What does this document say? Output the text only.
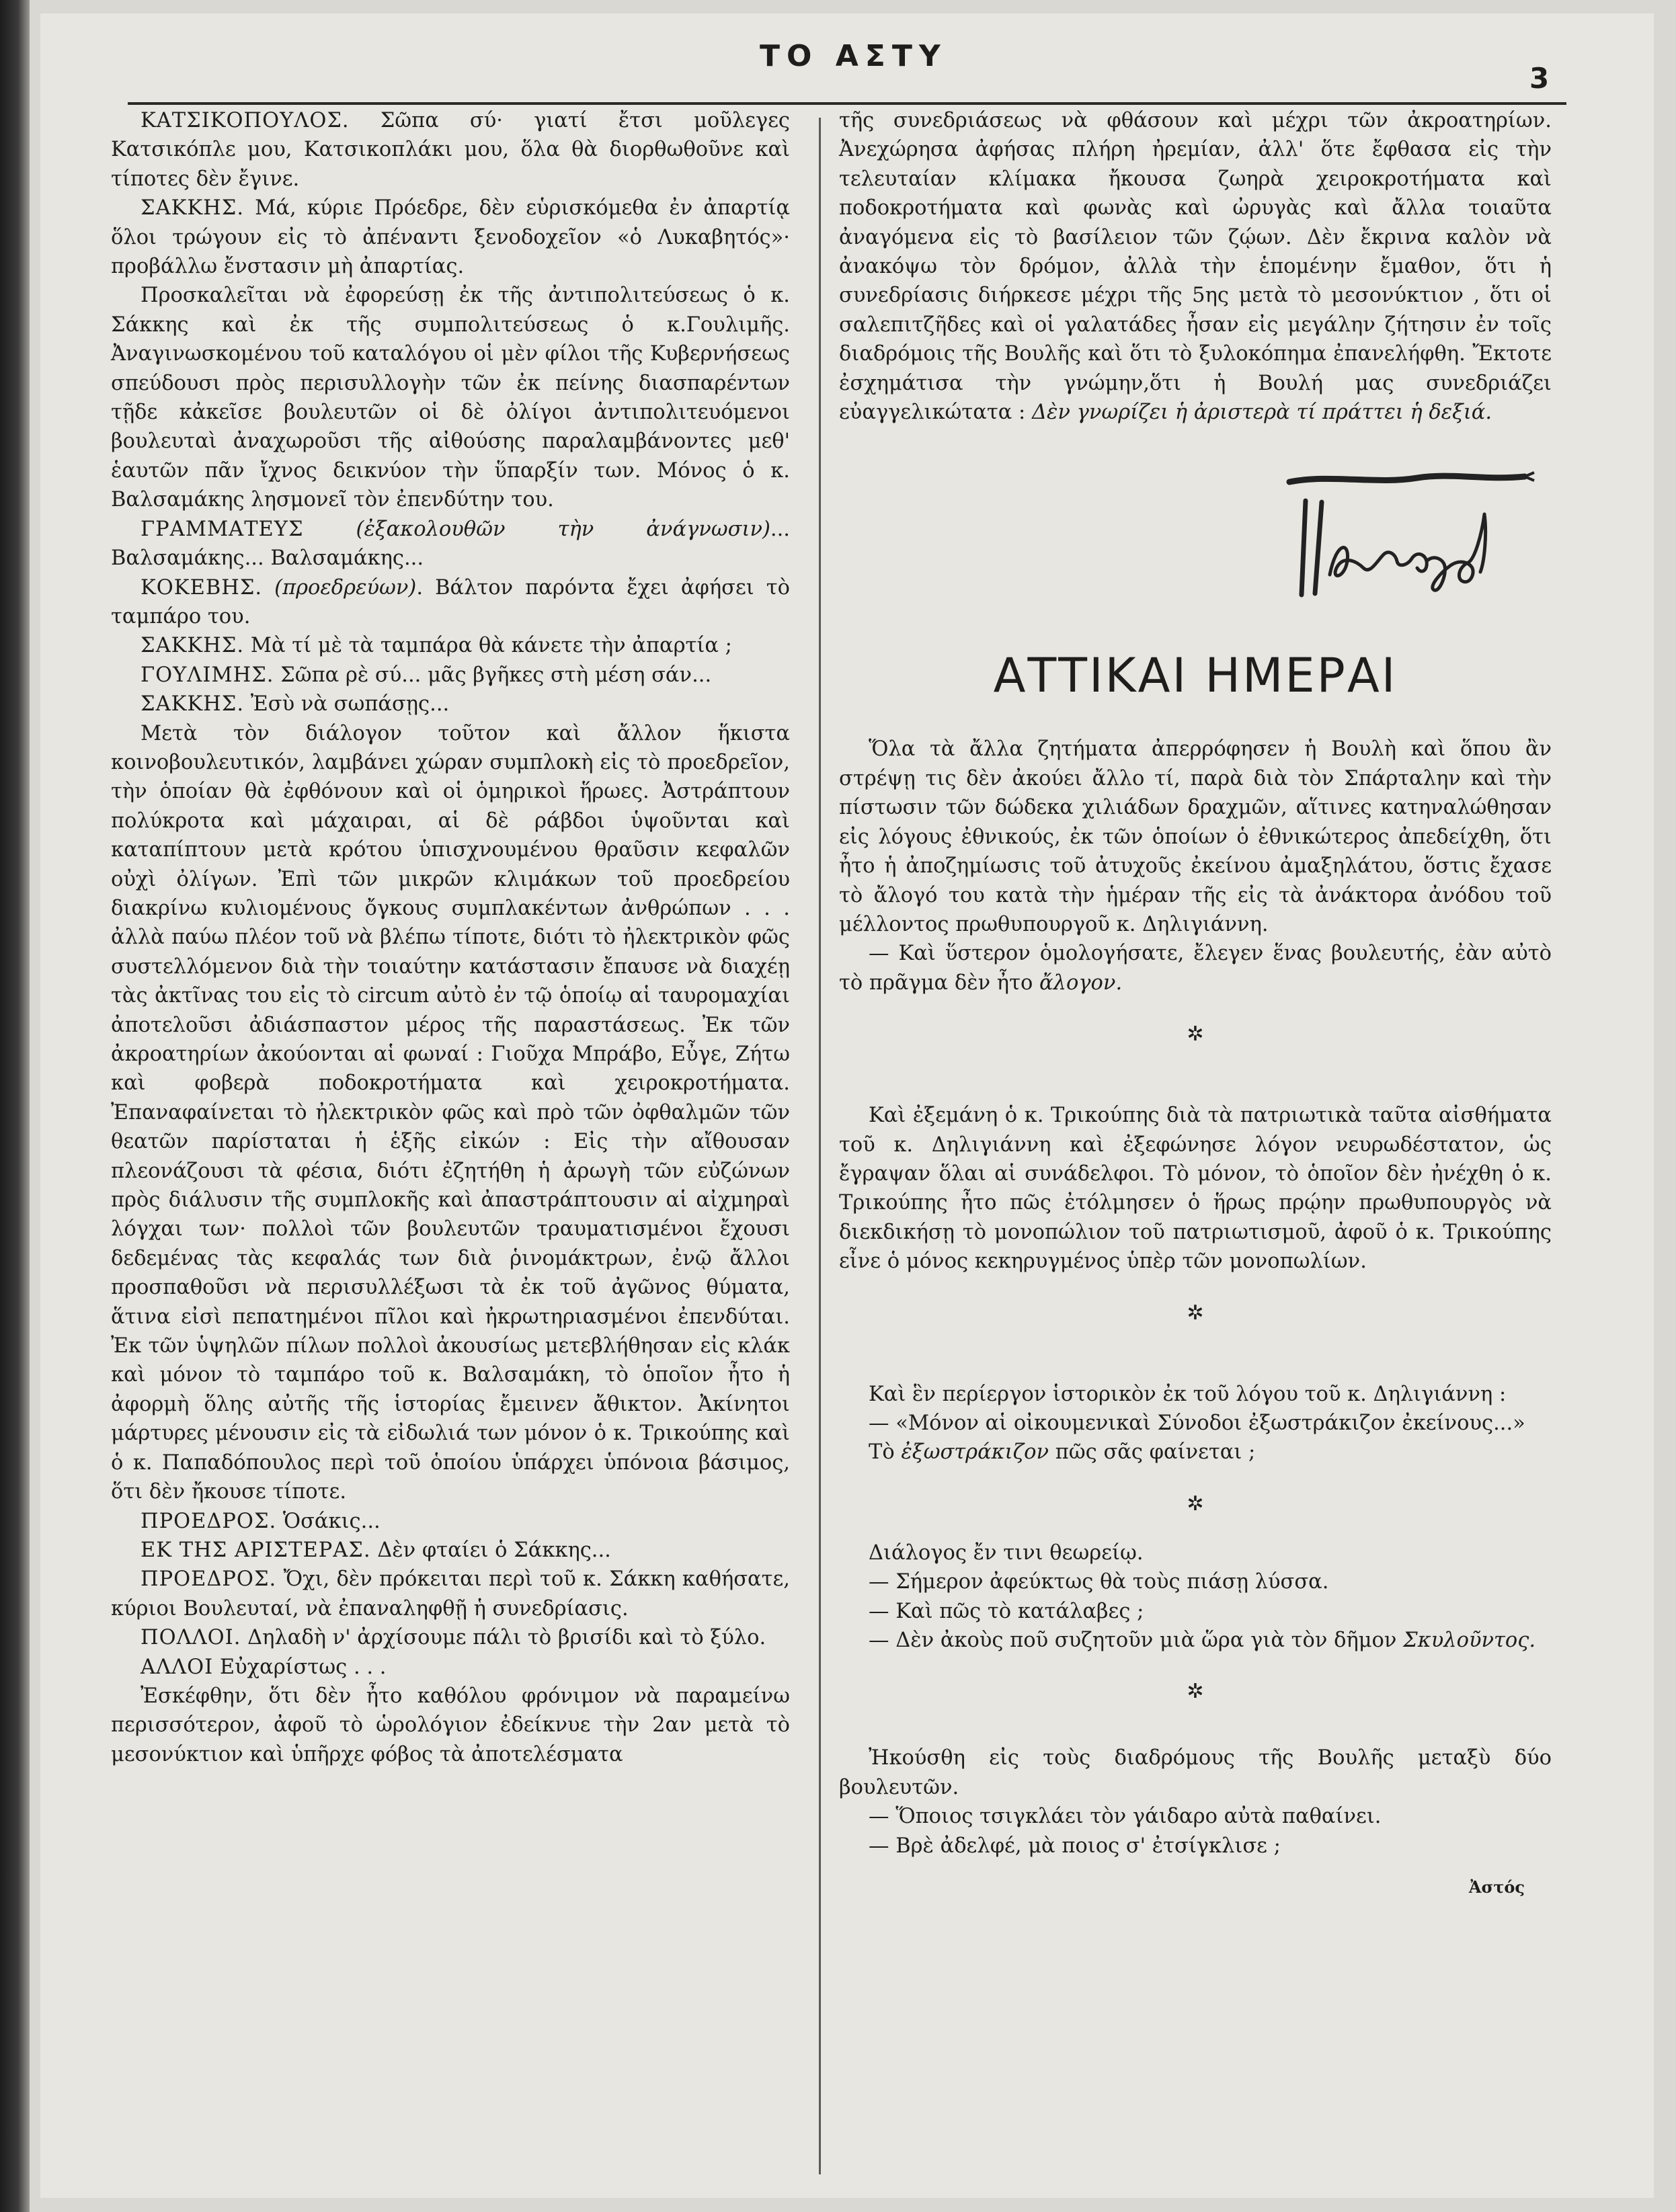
ΤΟ ΑΣΤΥ
3

ΚΑΤΣΙΚΟΠΟΥΛΟΣ. Σῶπα σύ· γιατί ἔτσι μοῦλεγες Κατσικόπλε μου, Κατσικοπλάκι μου, ὅλα θὰ διορθωθοῦνε καὶ τίποτες δὲν ἔγινε.

ΣΑΚΚΗΣ. Μά, κύριε Πρόεδρε, δὲν εὑρισκόμεθα ἐν ἀπαρτίᾳ ὅλοι τρώγουν εἰς τὸ ἀπέναντι ξενοδοχεῖον «ὁ Λυκαβητός»· προβάλλω ἔνστασιν μὴ ἀπαρτίας.

Προσκαλεῖται νὰ ἐφορεύσῃ ἐκ τῆς ἀντιπολιτεύσεως ὁ κ. Σάκκης καὶ ἐκ τῆς συμπολιτεύσεως ὁ κ.Γουλιμῆς. Ἀναγινωσκομένου τοῦ καταλόγου οἱ μὲν φίλοι τῆς Κυβερνήσεως σπεύδουσι πρὸς περισυλλογὴν τῶν ἐκ πείνης διασπαρέντων τῇδε κἀκεῖσε βουλευτῶν οἱ δὲ ὀλίγοι ἀντιπολιτευόμενοι βουλευταὶ ἀναχωροῦσι τῆς αἰθούσης παραλαμβάνοντες μεθ' ἑαυτῶν πᾶν ἴχνος δεικνύον τὴν ὕπαρξίν των. Μόνος ὁ κ. Βαλσαμάκης λησμονεῖ τὸν ἐπενδύτην του.

ΓΡΑΜΜΑΤΕΥΣ (ἐξακολουθῶν τὴν ἀνάγνωσιν)... Βαλσαμάκης... Βαλσαμάκης...

ΚΟΚΕΒΗΣ. (προεδρεύων). Βάλτον παρόντα ἔχει ἀφήσει τὸ ταμπάρο του.

ΣΑΚΚΗΣ. Μὰ τί μὲ τὰ ταμπάρα θὰ κάνετε τὴν ἀπαρτία ;

ΓΟΥΛΙΜΗΣ. Σῶπα ρὲ σύ... μᾶς βγῆκες στὴ μέση σάν...

ΣΑΚΚΗΣ. Ἐσὺ νὰ σωπάσῃς...

Μετὰ τὸν διάλογον τοῦτον καὶ ἄλλον ἥκιστα κοινοβουλευτικόν, λαμβάνει χώραν συμπλοκὴ εἰς τὸ προεδρεῖον, τὴν ὁποίαν θὰ ἐφθόνουν καὶ οἱ ὁμηρικοὶ ἥρωες. Ἀστράπτουν πολύκροτα καὶ μάχαιραι, αἱ δὲ ράβδοι ὑψοῦνται καὶ καταπίπτουν μετὰ κρότου ὑπισχνουμένου θραῦσιν κεφαλῶν οὐχὶ ὀλίγων. Ἐπὶ τῶν μικρῶν κλιμάκων τοῦ προεδρείου διακρίνω κυλιομένους ὄγκους συμπλακέντων ἀνθρώπων . . . ἀλλὰ παύω πλέον τοῦ νὰ βλέπω τίποτε, διότι τὸ ἠλεκτρικὸν φῶς συστελλόμενον διὰ τὴν τοιαύτην κατάστασιν ἔπαυσε νὰ διαχέῃ τὰς ἀκτῖνας του εἰς τὸ circum αὐτὸ ἐν τῷ ὁποίῳ αἱ ταυρομαχίαι ἀποτελοῦσι ἀδιάσπαστον μέρος τῆς παραστάσεως. Ἐκ τῶν ἀκροατηρίων ἀκούονται αἱ φωναί : Γιοῦχα Μπράβο, Εὖγε, Ζήτω καὶ φοβερὰ ποδοκροτήματα καὶ χειροκροτήματα. Ἐπαναφαίνεται τὸ ἠλεκτρικὸν φῶς καὶ πρὸ τῶν ὀφθαλμῶν τῶν θεατῶν παρίσταται ἡ ἑξῆς εἰκών : Εἰς τὴν αἴθουσαν πλεονάζουσι τὰ φέσια, διότι ἐζητήθη ἡ ἀρωγὴ τῶν εὐζώνων πρὸς διάλυσιν τῆς συμπλοκῆς καὶ ἀπαστράπτουσιν αἱ αἰχμηραὶ λόγχαι των· πολλοὶ τῶν βουλευτῶν τραυματισμένοι ἔχουσι δεδεμένας τὰς κεφαλάς των διὰ ῥινομάκτρων, ἐνῷ ἄλλοι προσπαθοῦσι νὰ περισυλλέξωσι τὰ ἐκ τοῦ ἀγῶνος θύματα, ἅτινα εἰσὶ πεπατημένοι πῖλοι καὶ ἠκρωτηριασμένοι ἐπενδύται. Ἐκ τῶν ὑψηλῶν πίλων πολλοὶ ἀκουσίως μετεβλήθησαν εἰς κλάκ καὶ μόνον τὸ ταμπάρο τοῦ κ. Βαλσαμάκη, τὸ ὁποῖον ἦτο ἡ ἀφορμὴ ὅλης αὐτῆς τῆς ἱστορίας ἔμεινεν ἄθικτον. Ἀκίνητοι μάρτυρες μένουσιν εἰς τὰ εἰδωλιά των μόνον ὁ κ. Τρικούπης καὶ ὁ κ. Παπαδόπουλος περὶ τοῦ ὁποίου ὑπάρχει ὑπόνοια βάσιμος, ὅτι δὲν ἤκουσε τίποτε.

ΠΡΟΕΔΡΟΣ. Ὁσάκις...

ΕΚ ΤΗΣ ΑΡΙΣΤΕΡΑΣ. Δὲν φταίει ὁ Σάκκης...

ΠΡΟΕΔΡΟΣ. Ὄχι, δὲν πρόκειται περὶ τοῦ κ. Σάκκη καθήσατε, κύριοι Βουλευταί, νὰ ἐπαναληφθῇ ἡ συνεδρίασις.

ΠΟΛΛΟΙ. Δηλαδὴ ν' ἀρχίσουμε πάλι τὸ βρισίδι καὶ τὸ ξύλο.

ΑΛΛΟΙ Εὐχαρίστως . . .

Ἐσκέφθην, ὅτι δὲν ἦτο καθόλου φρόνιμον νὰ παραμείνω περισσότερον, ἀφοῦ τὸ ὡρολόγιον ἐδείκνυε τὴν 2αν μετὰ τὸ μεσονύκτιον καὶ ὑπῆρχε φόβος τὰ ἀποτελέσματα

τῆς συνεδριάσεως νὰ φθάσουν καὶ μέχρι τῶν ἀκροατηρίων. Ἀνεχώρησα ἀφήσας πλήρη ἠρεμίαν, ἀλλ' ὅτε ἔφθασα εἰς τὴν τελευταίαν κλίμακα ἤκουσα ζωηρὰ χειροκροτήματα καὶ ποδοκροτήματα καὶ φωνὰς καὶ ὠρυγὰς καὶ ἄλλα τοιαῦτα ἀναγόμενα εἰς τὸ βασίλειον τῶν ζῴων. Δὲν ἔκρινα καλὸν νὰ ἀνακόψω τὸν δρόμον, ἀλλὰ τὴν ἑπομένην ἔμαθον, ὅτι ἡ συνεδρίασις διήρκεσε μέχρι τῆς 5ης μετὰ τὸ μεσονύκτιον , ὅτι οἱ σαλεπιτζῆδες καὶ οἱ γαλατάδες ἦσαν εἰς μεγάλην ζήτησιν ἐν τοῖς διαδρόμοις τῆς Βουλῆς καὶ ὅτι τὸ ξυλοκόπημα ἐπανελήφθη. Ἔκτοτε ἐσχημάτισα τὴν γνώμην,ὅτι ἡ Βουλή μας συνεδριάζει εὐαγγελικώτατα : Δὲν γνωρίζει ἡ ἀριστερὰ τί πράττει ἡ δεξιά.

ΑΤΤΙΚΑΙ ΗΜΕΡΑΙ

Ὅλα τὰ ἄλλα ζητήματα ἀπερρόφησεν ἡ Βουλὴ καὶ ὅπου ἂν στρέψῃ τις δὲν ἀκούει ἄλλο τί, παρὰ διὰ τὸν Σπάρταλην καὶ τὴν πίστωσιν τῶν δώδεκα χιλιάδων δραχμῶν, αἵτινες κατηναλώθησαν εἰς λόγους ἐθνικούς, ἐκ τῶν ὁποίων ὁ ἐθνικώτερος ἀπεδείχθη, ὅτι ἦτο ἡ ἀποζημίωσις τοῦ ἀτυχοῦς ἐκείνου ἀμαξηλάτου, ὅστις ἔχασε τὸ ἄλογό του κατὰ τὴν ἡμέραν τῆς εἰς τὰ ἀνάκτορα ἀνόδου τοῦ μέλλοντος πρωθυπουργοῦ κ. Δηλιγιάννη.

— Καὶ ὕστερον ὁμολογήσατε, ἔλεγεν ἕνας βουλευτής, ἐὰν αὐτὸ τὸ πρᾶγμα δὲν ἦτο ἄλογον.

✲

Καὶ ἐξεμάνη ὁ κ. Τρικούπης διὰ τὰ πατριωτικὰ ταῦτα αἰσθήματα τοῦ κ. Δηλιγιάννη καὶ ἐξεφώνησε λόγον νευρωδέστατον, ὡς ἔγραψαν ὅλαι αἱ συνάδελφοι. Τὸ μόνον, τὸ ὁποῖον δὲν ἠνέχθη ὁ κ. Τρικούπης ἦτο πῶς ἐτόλμησεν ὁ ἥρως πρῴην πρωθυπουργὸς νὰ διεκδικήσῃ τὸ μονοπώλιον τοῦ πατριωτισμοῦ, ἀφοῦ ὁ κ. Τρικούπης εἶνε ὁ μόνος κεκηρυγμένος ὑπὲρ τῶν μονοπωλίων.

✲

Καὶ ἓν περίεργον ἱστορικὸν ἐκ τοῦ λόγου τοῦ κ. Δηλιγιάννη :

— «Μόνον αἱ οἰκουμενικαὶ Σύνοδοι ἐξωστράκιζον ἐκείνους...»

Τὸ ἐξωστράκιζον πῶς σᾶς φαίνεται ;

✲

Διάλογος ἔν τινι θεωρείῳ.

— Σήμερον ἀφεύκτως θὰ τοὺς πιάσῃ λύσσα.

— Καὶ πῶς τὸ κατάλαβες ;

— Δὲν ἀκοὺς ποῦ συζητοῦν μιὰ ὥρα γιὰ τὸν δῆμον Σκυλοῦντος.

✲

Ἠκούσθη εἰς τοὺς διαδρόμους τῆς Βουλῆς μεταξὺ δύο βουλευτῶν.

— Ὅποιος τσιγκλάει τὸν γάιδαρο αὐτὰ παθαίνει.

— Βρὲ ἀδελφέ, μὰ ποιος σ' ἐτσίγκλισε ;

Ἀστός
